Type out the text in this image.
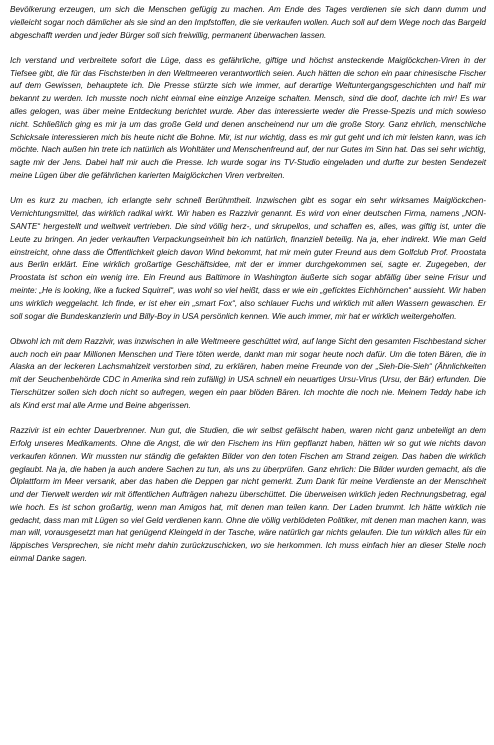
Bevölkerung erzeugen, um sich die Menschen gefügig zu machen. Am Ende des Tages verdienen sie sich dann dumm und vielleicht sogar noch dämlicher als sie sind an den Impfstoffen, die sie verkaufen wollen. Auch soll auf dem Wege noch das Bargeld abgeschafft werden und jeder Bürger soll sich freiwillig, permanent überwachen lassen.

Ich verstand und verbreitete sofort die Lüge, dass es gefährliche, giftige und höchst ansteckende Maiglöckchen-Viren in der Tiefsee gibt, die für das Fischsterben in den Weltmeeren verantwortlich seien. Auch hätten die schon ein paar chinesische Fischer auf dem Gewissen, behauptete ich. Die Presse stürzte sich wie immer, auf derartige Weltuntergangsgeschichten und half mir bekannt zu werden. Ich musste noch nicht einmal eine einzige Anzeige schalten. Mensch, sind die doof, dachte ich mir! Es war alles gelogen, was über meine Entdeckung berichtet wurde. Aber das interessierte weder die Presse-Spezis und mich sowieso nicht. Schließlich ging es mir ja um das große Geld und denen anscheinend nur um die große Story. Ganz ehrlich, menschliche Schicksale interessieren mich bis heute nicht die Bohne. Mir, ist nur wichtig, dass es mir gut geht und ich mir leisten kann, was ich möchte. Nach außen hin trete ich natürlich als Wohltäter und Menschenfreund auf, der nur Gutes im Sinn hat. Das sei sehr wichtig, sagte mir der Jens. Dabei half mir auch die Presse. Ich wurde sogar ins TV-Studio eingeladen und durfte zur besten Sendezeit meine Lügen über die gefährlichen karierten Maiglöckchen Viren verbreiten.

Um es kurz zu machen, ich erlangte sehr schnell Berühmtheit. Inzwischen gibt es sogar ein sehr wirksames Maiglöckchen-Vernichtungsmittel, das wirklich radikal wirkt. Wir haben es Razzivir genannt. Es wird von einer deutschen Firma, namens „NON-SANTE“ hergestellt und weltweit vertrieben. Die sind völlig herz-, und skrupellos, und schaffen es, alles, was giftig ist, unter die Leute zu bringen. An jeder verkauften Verpackungseinheit bin ich natürlich, finanziell beteilig. Na ja, eher indirekt. Wie man Geld einstreicht, ohne dass die Öffentlichkeit gleich davon Wind bekommt, hat mir mein guter Freund aus dem Golfclub Prof. Proostata aus Berlin erklärt. Eine wirklich großartige Geschäftsidee, mit der er immer durchgekommen sei, sagte er. Zugegeben, der Proostata ist schon ein wenig irre. Ein Freund aus Baltimore in Washington äußerte sich sogar abfällig über seine Frisur und meinte: „He is looking, like a fucked Squirrel“, was wohl so viel heißt, dass er wie ein „gefícktes Eichhörnchen“ aussieht. Wir haben uns wirklich weggelacht. Ich finde, er ist eher ein „smart Fox“, also schlauer Fuchs und wirklich mit allen Wassern gewaschen. Er soll sogar die Bundeskanzlerin und Billy-Boy in USA persönlich kennen. Wie auch immer, mir hat er wirklich weitergeholfen.

Obwohl ich mit dem Razzivir, was inzwischen in alle Weltmeere geschüttet wird, auf lange Sicht den gesamten Fischbestand sicher auch noch ein paar Millionen Menschen und Tiere töten werde, dankt man mir sogar heute noch dafür. Um die toten Bären, die in Alaska an der leckeren Lachsmahlzeit verstorben sind, zu erklären, haben meine Freunde von der „Sieh-Die-Sieh“ (Ähnlichkeiten mit der Seuchenbehörde CDC in Amerika sind rein zufällig) in USA schnell ein neuartiges Ursu-Virus (Ursu, der Bär) erfunden. Die Tierschützer sollen sich doch nicht so aufregen, wegen ein paar blöden Bären. Ich mochte die noch nie. Meinem Teddy habe ich als Kind erst mal alle Arme und Beine abgerissen.

Razzivir ist ein echter Dauerbrenner. Nun gut, die Studien, die wir selbst gefälscht haben, waren nicht ganz unbeteiligt an dem Erfolg unseres Medikaments. Ohne die Angst, die wir den Fischem ins Hirn gepflanzt haben, hätten wir so gut wie nichts davon verkaufen können. Wir mussten nur ständig die gefakten Bilder von den toten Fischen am Strand zeigen. Das haben die wirklich geglaubt. Na ja, die haben ja auch andere Sachen zu tun, als uns zu überprüfen. Ganz ehrlich: Die Bilder wurden gemacht, als die Ölplattform im Meer versank, aber das haben die Deppen gar nicht gemerkt. Zum Dank für meine Verdienste an der Menschheit und der Tierwelt werden wir mit öffentlichen Aufträgen nahezu überschüttet. Die überweisen wirklich jeden Rechnungsbetrag, egal wie hoch. Es ist schon großartig, wenn man Amigos hat, mit denen man teilen kann. Der Laden brummt. Ich hätte wirklich nie gedacht, dass man mit Lügen so viel Geld verdienen kann. Ohne die völlig verblödeten Politiker, mit denen man machen kann, was man will, vorausgesetzt man hat genügend Kleingeld in der Tasche, wäre natürlich gar nichts gelaufen. Die tun wirklich alles für ein läppisches Versprechen, sie nicht mehr dahin zurückzuschicken, wo sie herkommen. Ich muss einfach hier an dieser Stelle noch einmal Danke sagen.
